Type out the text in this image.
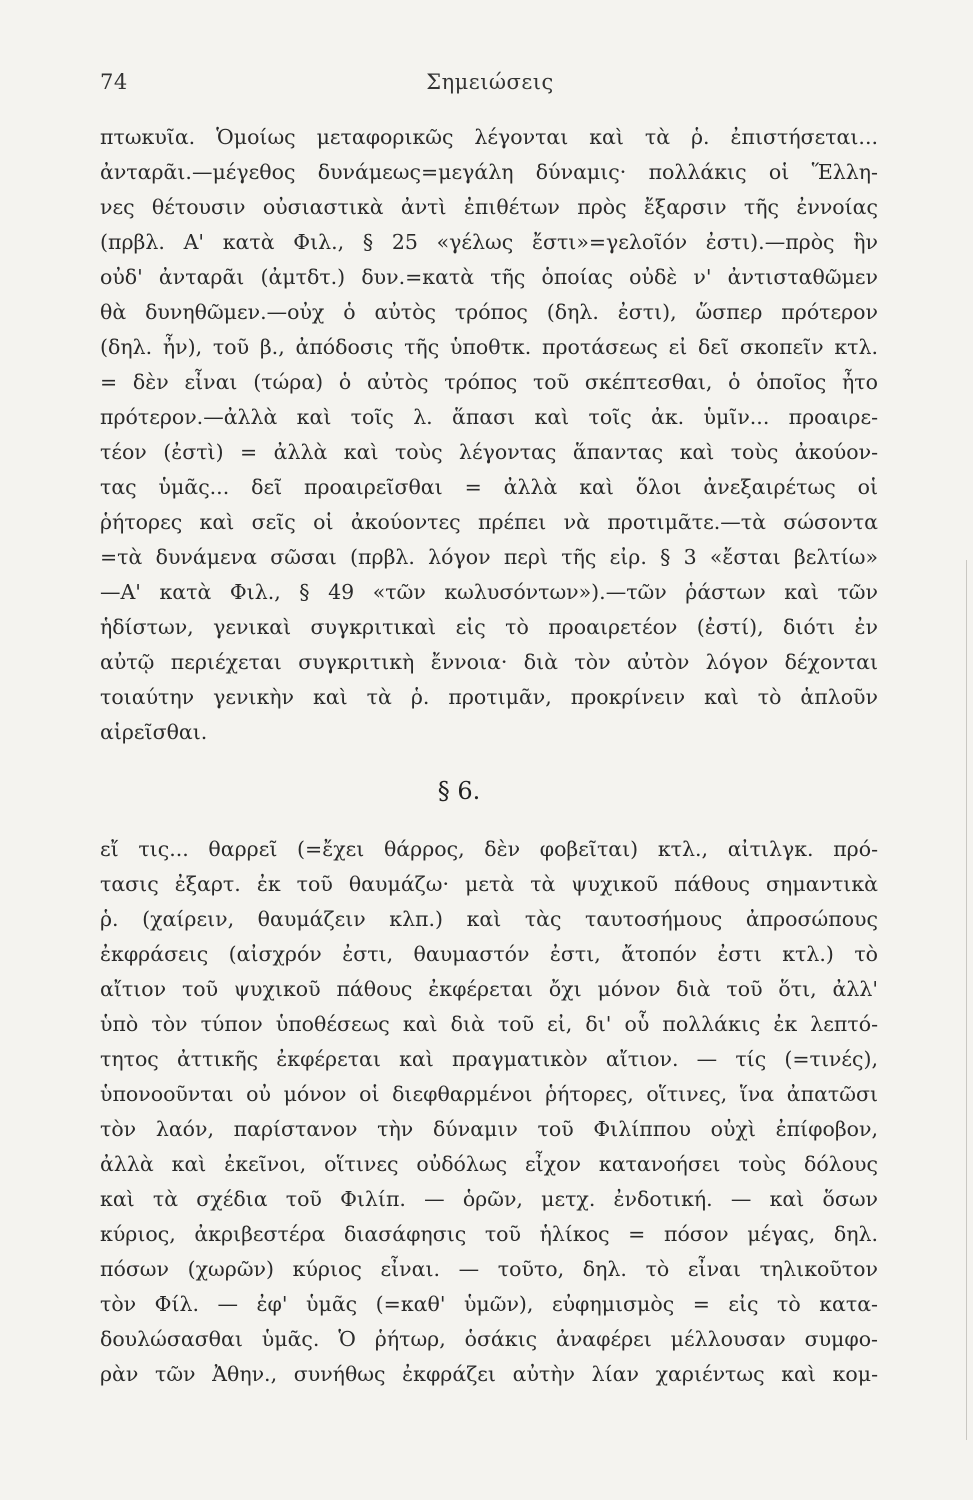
74	Σημειώσεις
πτωκυῖα. Ὁμοίως μεταφορικῶς λέγονται καὶ τὰ ῥ. ἐπιστήσεται...
ἀνταρᾶι.—μέγεθος δυνάμεως=μεγάλη δύναμις· πολλάκις οἱ Ἕλλη-
νες θέτουσιν οὐσιαστικὰ ἀντὶ ἐπιθέτων πρὸς ἔξαρσιν τῆς ἐννοίας
(πρβλ. Α' κατὰ Φιλ., § 25 «γέλως ἔστι»=γελοῖόν ἐστι).—πρὸς ἣν
οὐδ' ἀνταρᾶι (ἀμτδτ.) δυν.=κατὰ τῆς ὁποίας οὐδὲ ν' ἀντισταθῶμεν
θὰ δυνηθῶμεν.—οὐχ ὁ αὐτὸς τρόπος (δηλ. ἐστι), ὥσπερ πρότερον
(δηλ. ἦν), τοῦ β., ἀπόδοσις τῆς ὑποθτκ. προτάσεως εἰ δεῖ σκοπεῖν κτλ.
= δὲν εἶναι (τώρα) ὁ αὐτὸς τρόπος τοῦ σκέπτεσθαι, ὁ ὁποῖος ἦτο
πρότερον.—ἀλλὰ καὶ τοῖς λ. ἅπασι καὶ τοῖς ἀκ. ὑμῖν... προαιρε-
τέον (ἐστὶ) = ἀλλὰ καὶ τοὺς λέγοντας ἅπαντας καὶ τοὺς ἀκούον-
τας ὑμᾶς... δεῖ προαιρεῖσθαι = ἀλλὰ καὶ ὅλοι ἀνεξαιρέτως οἱ
ῥήτορες καὶ σεῖς οἱ ἀκούοντες πρέπει νὰ προτιμᾶτε.—τὰ σώσοντα
=τὰ δυνάμενα σῶσαι (πρβλ. λόγον περὶ τῆς εἰρ. § 3 «ἔσται βελτίω»
—Α' κατὰ Φιλ., § 49 «τῶν κωλυσόντων»).—τῶν ῥάστων καὶ τῶν
ἡδίστων, γενικαὶ συγκριτικαὶ εἰς τὸ προαιρετέον (ἐστί), διότι ἐν
αὐτῷ περιέχεται συγκριτικὴ ἔννοια· διὰ τὸν αὐτὸν λόγον δέχονται
τοιαύτην γενικὴν καὶ τὰ ῥ. προτιμᾶν, προκρίνειν καὶ τὸ ἁπλοῦν
αἱρεῖσθαι.
§ 6.
εἴ τις... θαρρεῖ (=ἔχει θάρρος, δὲν φοβεῖται) κτλ., αἰτιλγκ. πρό-
τασις ἐξαρτ. ἐκ τοῦ θαυμάζω· μετὰ τὰ ψυχικοῦ πάθους σημαντικὰ
ῥ. (χαίρειν, θαυμάζειν κλπ.) καὶ τὰς ταυτοσήμους ἀπροσώπους
ἐκφράσεις (αἰσχρόν ἐστι, θαυμαστόν ἐστι, ἄτοπόν ἐστι κτλ.) τὸ
αἴτιον τοῦ ψυχικοῦ πάθους ἐκφέρεται ὄχι μόνον διὰ τοῦ ὅτι, ἀλλ'
ὑπὸ τὸν τύπον ὑποθέσεως καὶ διὰ τοῦ εἰ, δι' οὗ πολλάκις ἐκ λεπτό-
τητος ἀττικῆς ἐκφέρεται καὶ πραγματικὸν αἴτιον. — τίς (=τινές),
ὑπονοοῦνται οὐ μόνον οἱ διεφθαρμένοι ῥήτορες, οἵτινες, ἵνα ἀπατῶσι
τὸν λαόν, παρίστανον τὴν δύναμιν τοῦ Φιλίππου οὐχὶ ἐπίφοβον,
ἀλλὰ καὶ ἐκεῖνοι, οἵτινες οὐδόλως εἶχον κατανοήσει τοὺς δόλους
καὶ τὰ σχέδια τοῦ Φιλίπ. — ὁρῶν, μετχ. ἐνδοτική. — καὶ ὅσων
κύριος, ἀκριβεστέρα διασάφησις τοῦ ἡλίκος = πόσον μέγας, δηλ.
πόσων (χωρῶν) κύριος εἶναι. — τοῦτο, δηλ. τὸ εἶναι τηλικοῦτον
τὸν Φίλ. — ἐφ' ὑμᾶς (=καθ' ὑμῶν), εὐφημισμὸς = εἰς τὸ κατα-
δουλώσασθαι ὑμᾶς. Ὁ ῥήτωρ, ὁσάκις ἀναφέρει μέλλουσαν συμφο-
ρὰν τῶν Ἀθην., συνήθως ἐκφράζει αὐτὴν λίαν χαριέντως καὶ κομ-
